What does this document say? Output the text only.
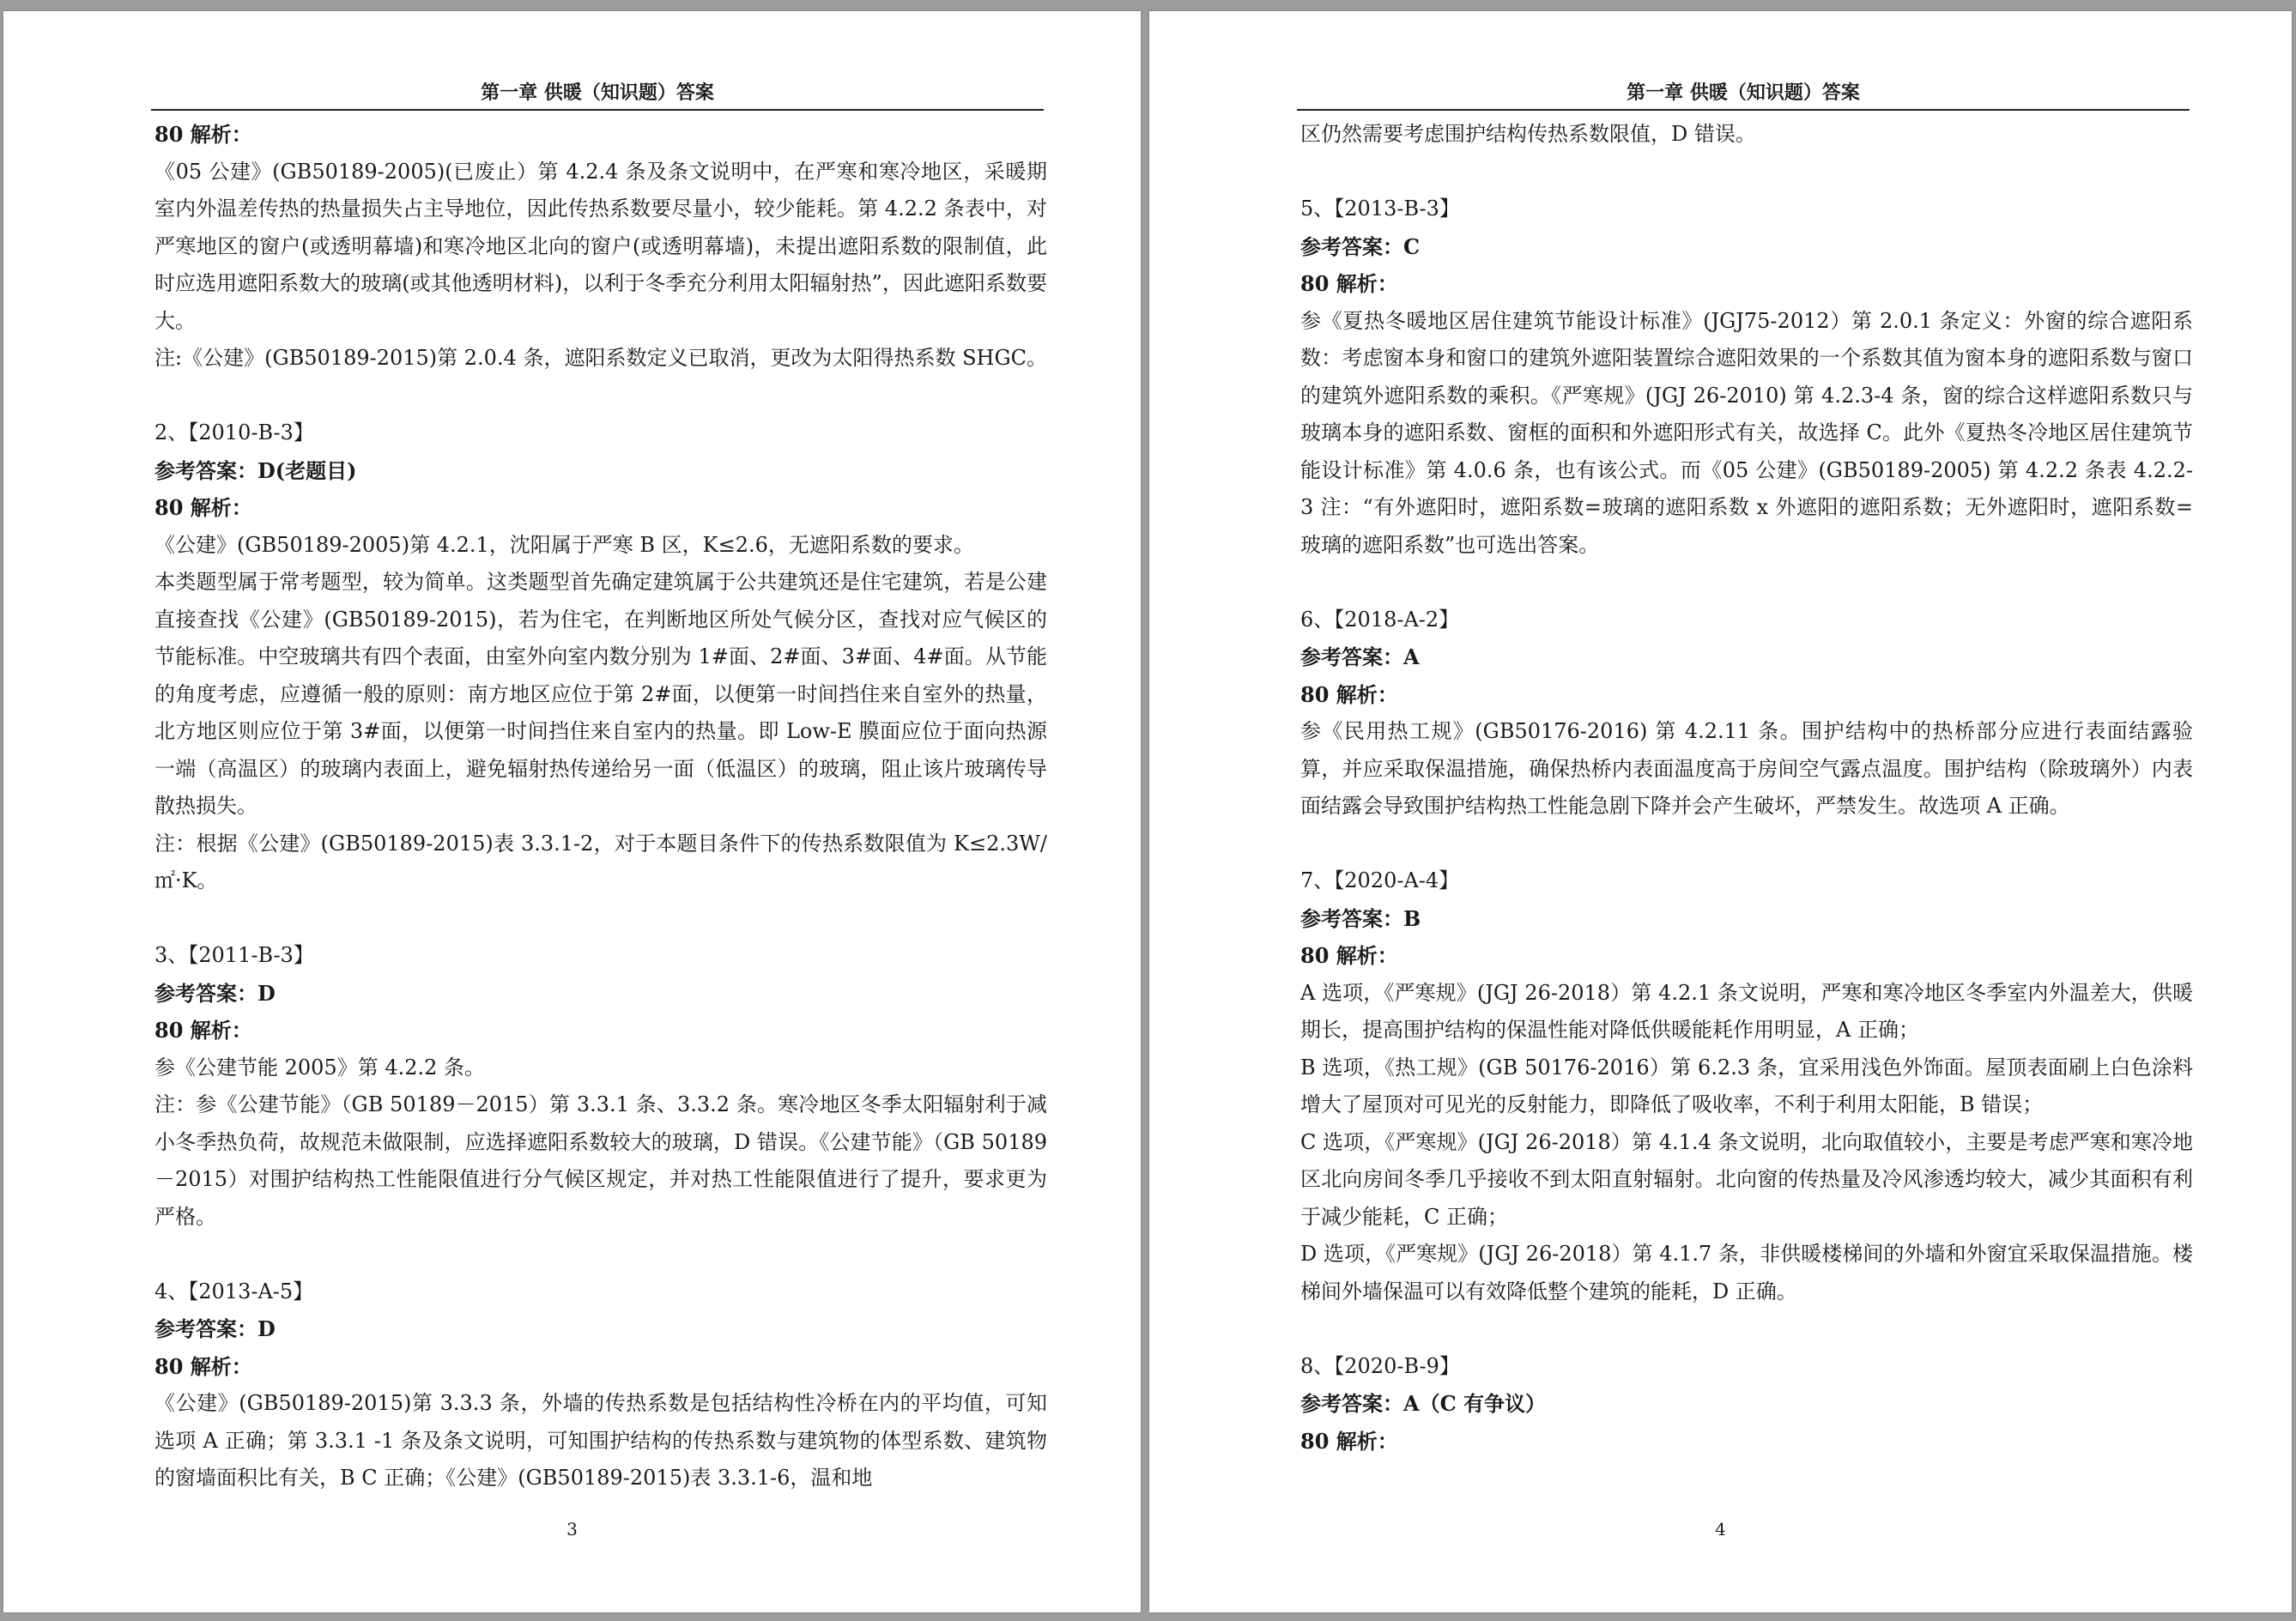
第一章 供暖（知识题）答案

80 解析：

《05 公建》(GB50189-2005)(已废止）第 4.2.4 条及条文说明中，在严寒和寒冷地区，采暖期室内外温差传热的热量损失占主导地位，因此传热系数要尽量小，较少能耗。第 4.2.2 条表中，对严寒地区的窗户(或透明幕墙)和寒冷地区北向的窗户(或透明幕墙)，未提出遮阳系数的限制值，此时应选用遮阳系数大的玻璃(或其他透明材料)，以利于冬季充分利用太阳辐射热”，因此遮阳系数要大。

注:《公建》(GB50189-2015)第 2.0.4 条，遮阳系数定义已取消，更改为太阳得热系数 SHGC。

2、【2010-B-3】

参考答案：D(老题目)

80 解析：

《公建》(GB50189-2005)第 4.2.1，沈阳属于严寒 B 区，K≤2.6，无遮阳系数的要求。

本类题型属于常考题型，较为简单。这类题型首先确定建筑属于公共建筑还是住宅建筑，若是公建直接查找《公建》(GB50189-2015)，若为住宅，在判断地区所处气候分区，查找对应气候区的节能标准。中空玻璃共有四个表面，由室外向室内数分别为 1#面、2#面、3#面、4#面。从节能的角度考虑，应遵循一般的原则：南方地区应位于第 2#面，以便第一时间挡住来自室外的热量，北方地区则应位于第 3#面，以便第一时间挡住来自室内的热量。即 Low-E 膜面应位于面向热源一端（高温区）的玻璃内表面上，避免辐射热传递给另一面（低温区）的玻璃，阻止该片玻璃传导散热损失。

注：根据《公建》(GB50189-2015)表 3.3.1-2，对于本题目条件下的传热系数限值为 K≤2.3W/㎡·K。

3、【2011-B-3】

参考答案：D

80 解析：

参《公建节能 2005》第 4.2.2 条。

注：参《公建节能》（GB 50189－2015）第 3.3.1 条、3.3.2 条。寒冷地区冬季太阳辐射利于减小冬季热负荷，故规范未做限制，应选择遮阳系数较大的玻璃，D 错误。《公建节能》（GB 50189－2015）对围护结构热工性能限值进行分气候区规定，并对热工性能限值进行了提升，要求更为严格。

4、【2013-A-5】

参考答案：D

80 解析：

《公建》(GB50189-2015)第 3.3.3 条，外墙的传热系数是包括结构性冷桥在内的平均值，可知选项 A 正确；第 3.3.1 -1 条及条文说明，可知围护结构的传热系数与建筑物的体型系数、建筑物的窗墙面积比有关，B C 正确；《公建》(GB50189-2015)表 3.3.1-6，温和地

3
第一章 供暖（知识题）答案

区仍然需要考虑围护结构传热系数限值，D 错误。

5、【2013-B-3】

参考答案：C

80 解析：

参《夏热冬暖地区居住建筑节能设计标准》(JGJ75-2012）第 2.0.1 条定义：外窗的综合遮阳系数：考虑窗本身和窗口的建筑外遮阳装置综合遮阳效果的一个系数其值为窗本身的遮阳系数与窗口的建筑外遮阳系数的乘积。《严寒规》(JGJ 26-2010) 第 4.2.3-4 条，窗的综合这样遮阳系数只与玻璃本身的遮阳系数、窗框的面积和外遮阳形式有关，故选择 C。此外《夏热冬冷地区居住建筑节能设计标准》第 4.0.6 条，也有该公式。而《05 公建》(GB50189-2005) 第 4.2.2 条表 4.2.2-3 注：“有外遮阳时，遮阳系数=玻璃的遮阳系数 x 外遮阳的遮阳系数；无外遮阳时，遮阳系数=玻璃的遮阳系数”也可选出答案。

6、【2018-A-2】

参考答案：A

80 解析：

参《民用热工规》(GB50176-2016) 第 4.2.11 条。围护结构中的热桥部分应进行表面结露验算，并应采取保温措施，确保热桥内表面温度高于房间空气露点温度。围护结构（除玻璃外）内表面结露会导致围护结构热工性能急剧下降并会产生破坏，严禁发生。故选项 A 正确。

7、【2020-A-4】

参考答案：B

80 解析：

A 选项，《严寒规》(JGJ 26-2018）第 4.2.1 条文说明，严寒和寒冷地区冬季室内外温差大，供暖期长，提高围护结构的保温性能对降低供暖能耗作用明显，A 正确；

B 选项，《热工规》(GB 50176-2016）第 6.2.3 条，宜采用浅色外饰面。屋顶表面刷上白色涂料增大了屋顶对可见光的反射能力，即降低了吸收率，不利于利用太阳能，B 错误；

C 选项，《严寒规》(JGJ 26-2018）第 4.1.4 条文说明，北向取值较小，主要是考虑严寒和寒冷地区北向房间冬季几乎接收不到太阳直射辐射。北向窗的传热量及冷风渗透均较大，减少其面积有利于减少能耗，C 正确；

D 选项，《严寒规》(JGJ 26-2018）第 4.1.7 条，非供暖楼梯间的外墙和外窗宜采取保温措施。楼梯间外墙保温可以有效降低整个建筑的能耗，D 正确。

8、【2020-B-9】

参考答案：A（C 有争议）

80 解析：

4
